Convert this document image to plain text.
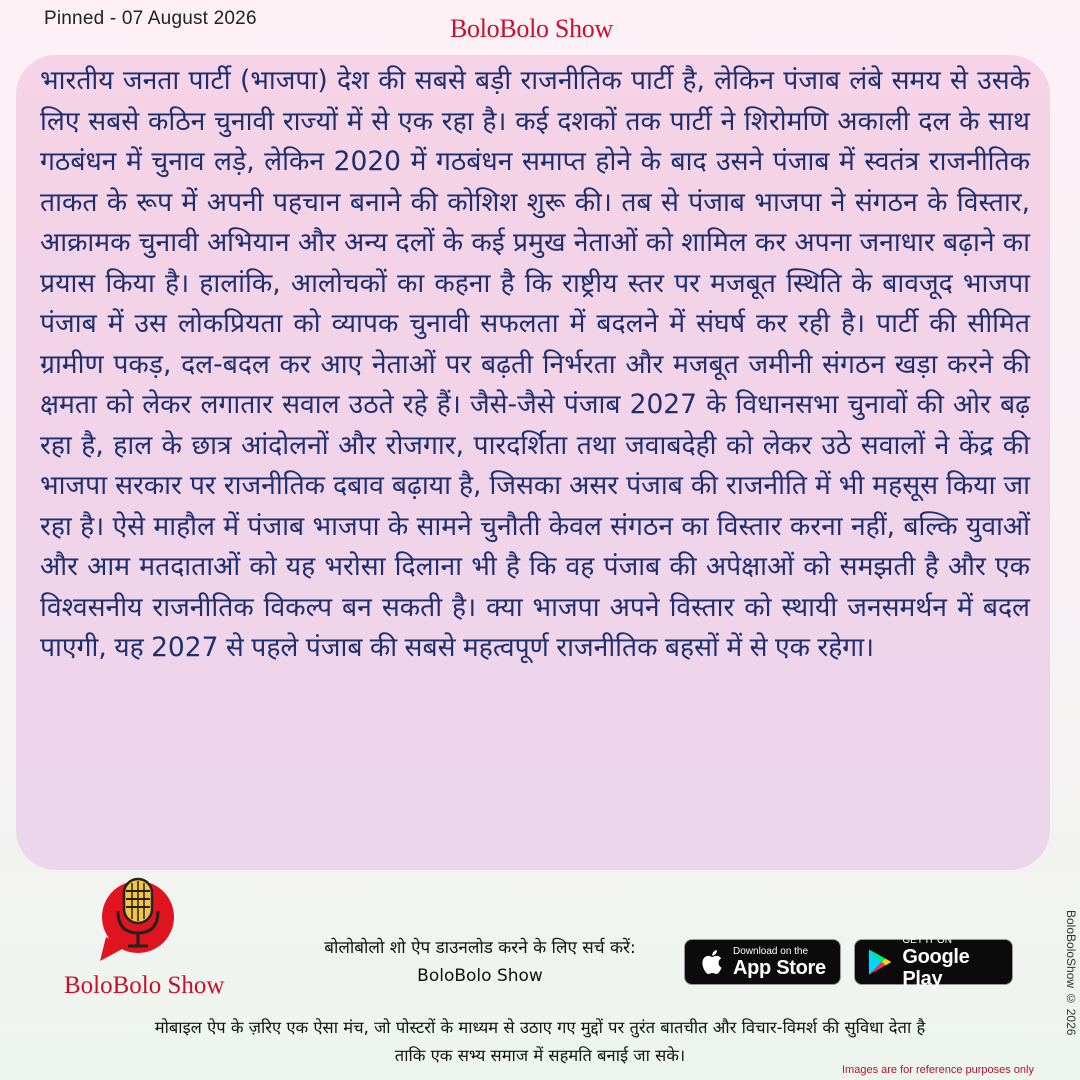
Pinned - 07 August 2026	BoloBolo Show

भारतीय जनता पार्टी (भाजपा) देश की सबसे बड़ी राजनीतिक पार्टी है, लेकिन पंजाब लंबे समय से उसके लिए सबसे कठिन चुनावी राज्यों में से एक रहा है। कई दशकों तक पार्टी ने शिरोमणि अकाली दल के साथ गठबंधन में चुनाव लड़े, लेकिन 2020 में गठबंधन समाप्त होने के बाद उसने पंजाब में स्वतंत्र राजनीतिक ताकत के रूप में अपनी पहचान बनाने की कोशिश शुरू की। तब से पंजाब भाजपा ने संगठन के विस्तार, आक्रामक चुनावी अभियान और अन्य दलों के कई प्रमुख नेताओं को शामिल कर अपना जनाधार बढ़ाने का प्रयास किया है। हालांकि, आलोचकों का कहना है कि राष्ट्रीय स्तर पर मजबूत स्थिति के बावजूद भाजपा पंजाब में उस लोकप्रियता को व्यापक चुनावी सफलता में बदलने में संघर्ष कर रही है। पार्टी की सीमित ग्रामीण पकड़, दल-बदल कर आए नेताओं पर बढ़ती निर्भरता और मजबूत जमीनी संगठन खड़ा करने की क्षमता को लेकर लगातार सवाल उठते रहे हैं। जैसे-जैसे पंजाब 2027 के विधानसभा चुनावों की ओर बढ़ रहा है, हाल के छात्र आंदोलनों और रोजगार, पारदर्शिता तथा जवाबदेही को लेकर उठे सवालों ने केंद्र की भाजपा सरकार पर राजनीतिक दबाव बढ़ाया है, जिसका असर पंजाब की राजनीति में भी महसूस किया जा रहा है। ऐसे माहौल में पंजाब भाजपा के सामने चुनौती केवल संगठन का विस्तार करना नहीं, बल्कि युवाओं और आम मतदाताओं को यह भरोसा दिलाना भी है कि वह पंजाब की अपेक्षाओं को समझती है और एक विश्वसनीय राजनीतिक विकल्प बन सकती है। क्या भाजपा अपने विस्तार को स्थायी जनसमर्थन में बदल पाएगी, यह 2027 से पहले पंजाब की सबसे महत्वपूर्ण राजनीतिक बहसों में से एक रहेगा।

BoloBolo Show
बोलोबोलो शो ऐप डाउनलोड करने के लिए सर्च करें:
BoloBolo Show
Download on the
App Store
GET IT ON
Google Play
मोबाइल ऐप के ज़रिए एक ऐसा मंच, जो पोस्टरों के माध्यम से उठाए गए मुद्दों पर तुरंत बातचीत और विचार-विमर्श की सुविधा देता है
ताकि एक सभ्य समाज में सहमति बनाई जा सके।
BoloBoloShow © 2026
Images are for reference purposes only
